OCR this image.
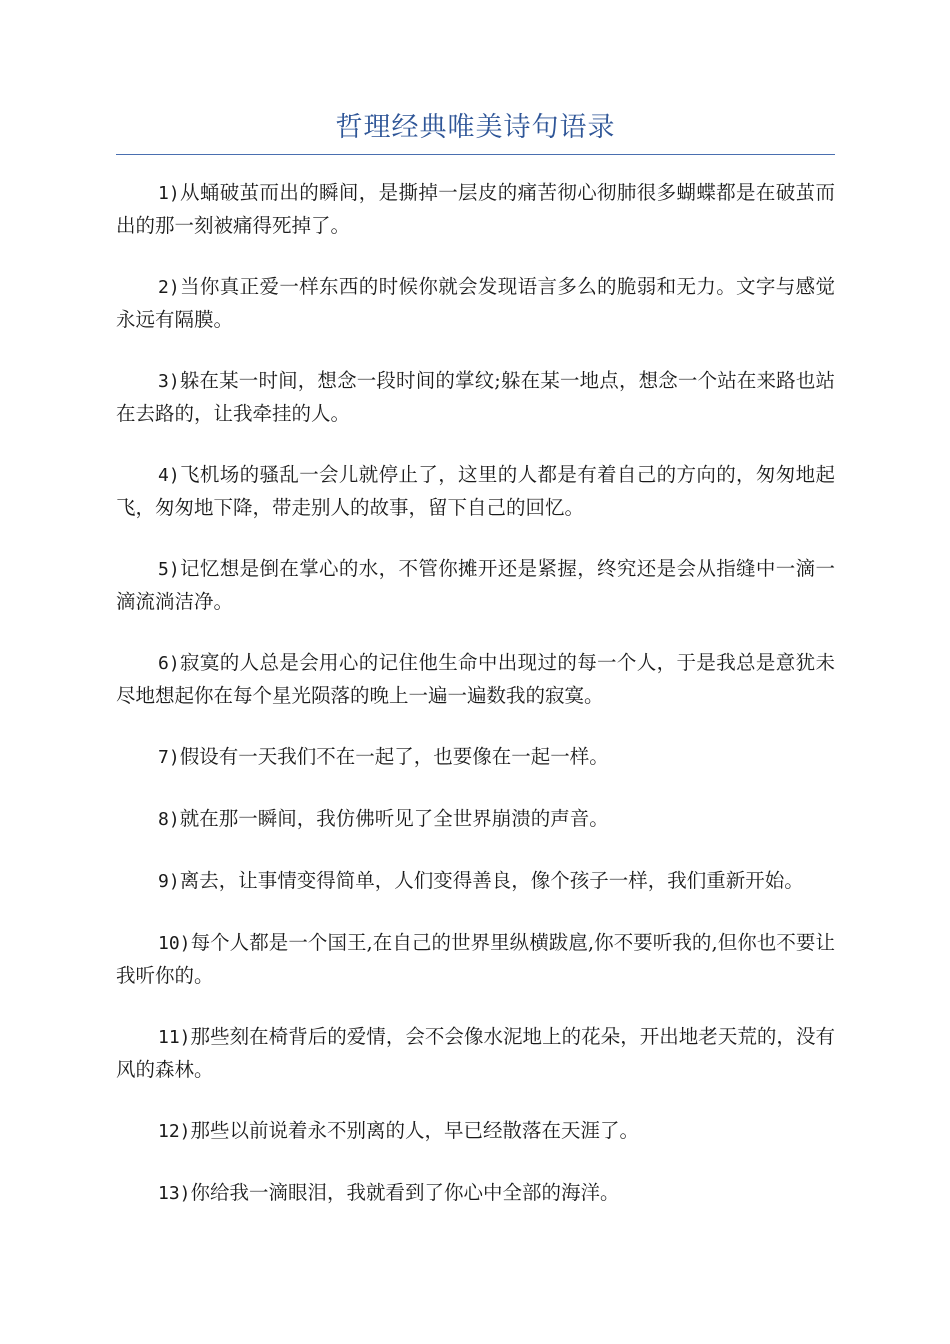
哲理经典唯美诗句语录

1)从蛹破茧而出的瞬间，是撕掉一层皮的痛苦彻心彻肺很多蝴蝶都是在破茧而出的那一刻被痛得死掉了。

2)当你真正爱一样东西的时候你就会发现语言多么的脆弱和无力。文字与感觉永远有隔膜。

3)躲在某一时间，想念一段时间的掌纹;躲在某一地点，想念一个站在来路也站在去路的，让我牵挂的人。

4)飞机场的骚乱一会儿就停止了，这里的人都是有着自己的方向的，匆匆地起飞，匆匆地下降，带走别人的故事，留下自己的回忆。

5)记忆想是倒在掌心的水，不管你摊开还是紧握，终究还是会从指缝中一滴一滴流淌洁净。

6)寂寞的人总是会用心的记住他生命中出现过的每一个人，于是我总是意犹未尽地想起你在每个星光陨落的晚上一遍一遍数我的寂寞。

7)假设有一天我们不在一起了，也要像在一起一样。

8)就在那一瞬间，我仿佛听见了全世界崩溃的声音。

9)离去，让事情变得简单，人们变得善良，像个孩子一样，我们重新开始。

10)每个人都是一个国王,在自己的世界里纵横跋扈,你不要听我的,但你也不要让我听你的。

11)那些刻在椅背后的爱情，会不会像水泥地上的花朵，开出地老天荒的，没有风的森林。

12)那些以前说着永不别离的人，早已经散落在天涯了。

13)你给我一滴眼泪，我就看到了你心中全部的海洋。
